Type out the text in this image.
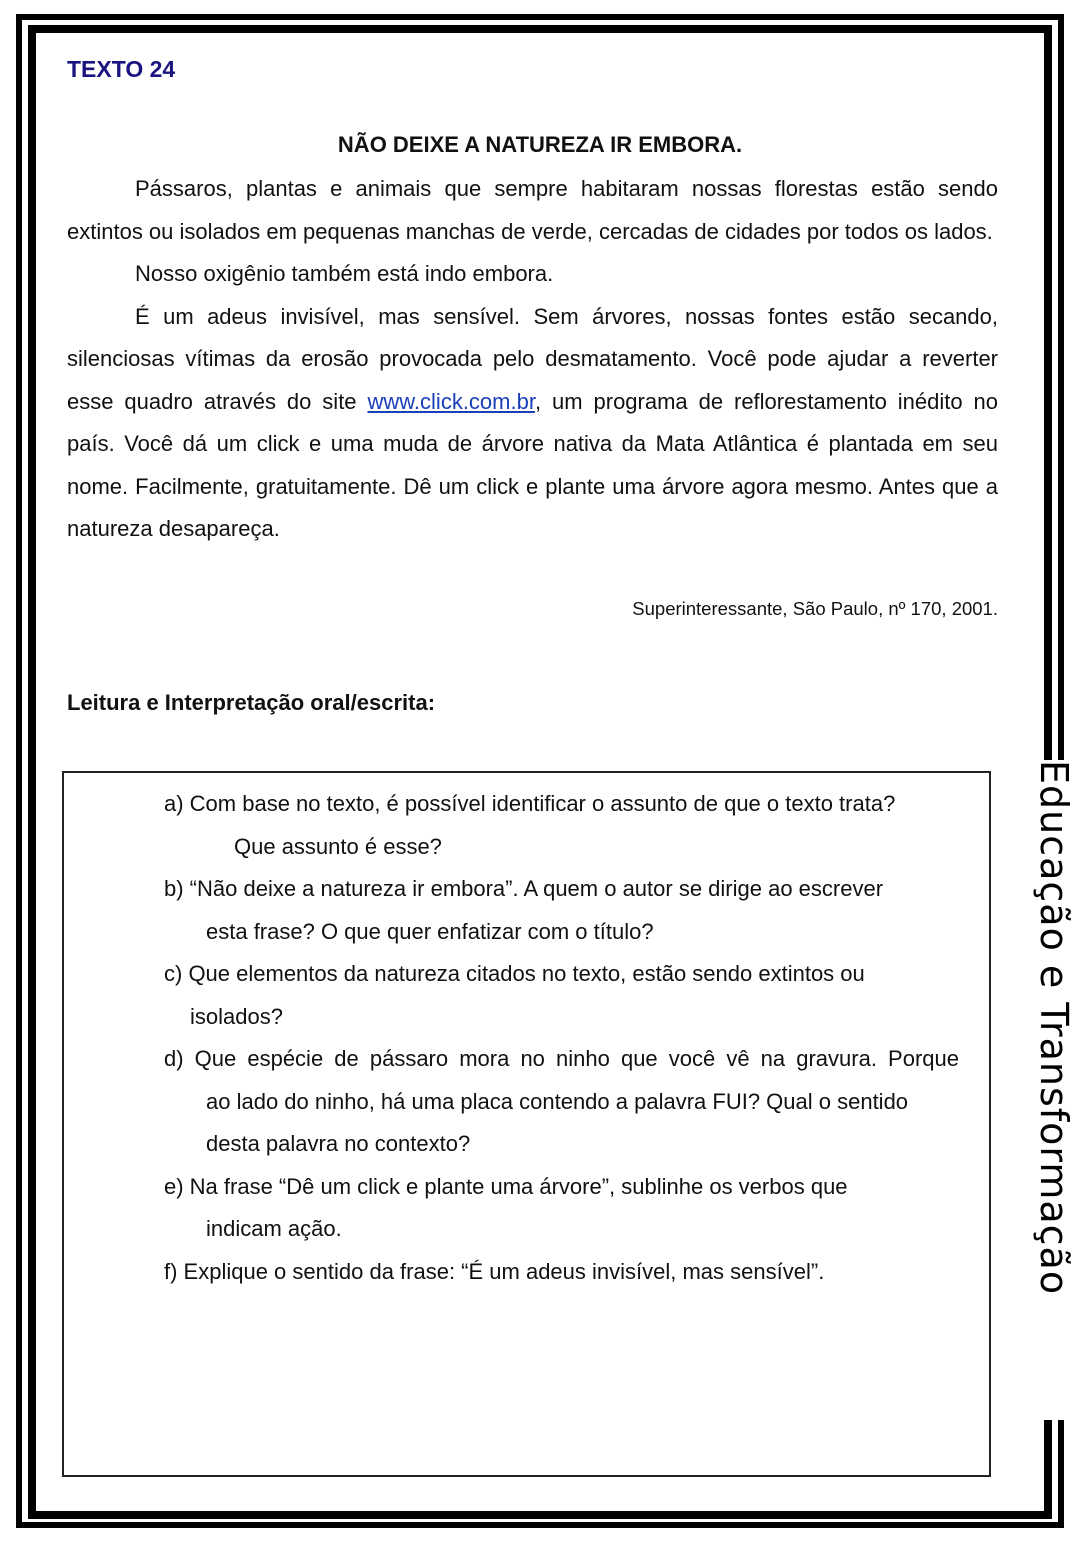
TEXTO 24
NÃO DEIXE A NATUREZA IR EMBORA.

Pássaros, plantas e animais que sempre habitaram nossas florestas estão sendo extintos ou isolados em pequenas manchas de verde, cercadas de cidades por todos os lados.

Nosso oxigênio também está indo embora.

É um adeus invisível, mas sensível. Sem árvores, nossas fontes estão secando, silenciosas vítimas da erosão provocada pelo desmatamento. Você pode ajudar a reverter esse quadro através do site www.click.com.br, um programa de reflorestamento inédito no país. Você dá um click e uma muda de árvore nativa da Mata Atlântica é plantada em seu nome. Facilmente, gratuitamente. Dê um click e plante uma árvore agora mesmo. Antes que a natureza desapareça.

Superinteressante, São Paulo, nº 170, 2001.
Leitura e Interpretação oral/escrita:
a) Com base no texto, é possível identificar o assunto de que o texto trata?
Que assunto é esse?
b) “Não deixe a natureza ir embora”. A quem o autor se dirige ao escrever
esta frase? O que quer enfatizar com o título?
c) Que elementos da natureza citados no texto, estão sendo extintos ou
isolados?
d) Que espécie de pássaro mora no ninho que você vê na gravura. Porque
ao lado do ninho, há uma placa contendo a palavra FUI? Qual o sentido desta palavra no contexto?
e) Na frase “Dê um click e plante uma árvore”, sublinhe os verbos que
indicam ação.
f) Explique o sentido da frase: “É um adeus invisível, mas sensível”.	Educação e Transformação
